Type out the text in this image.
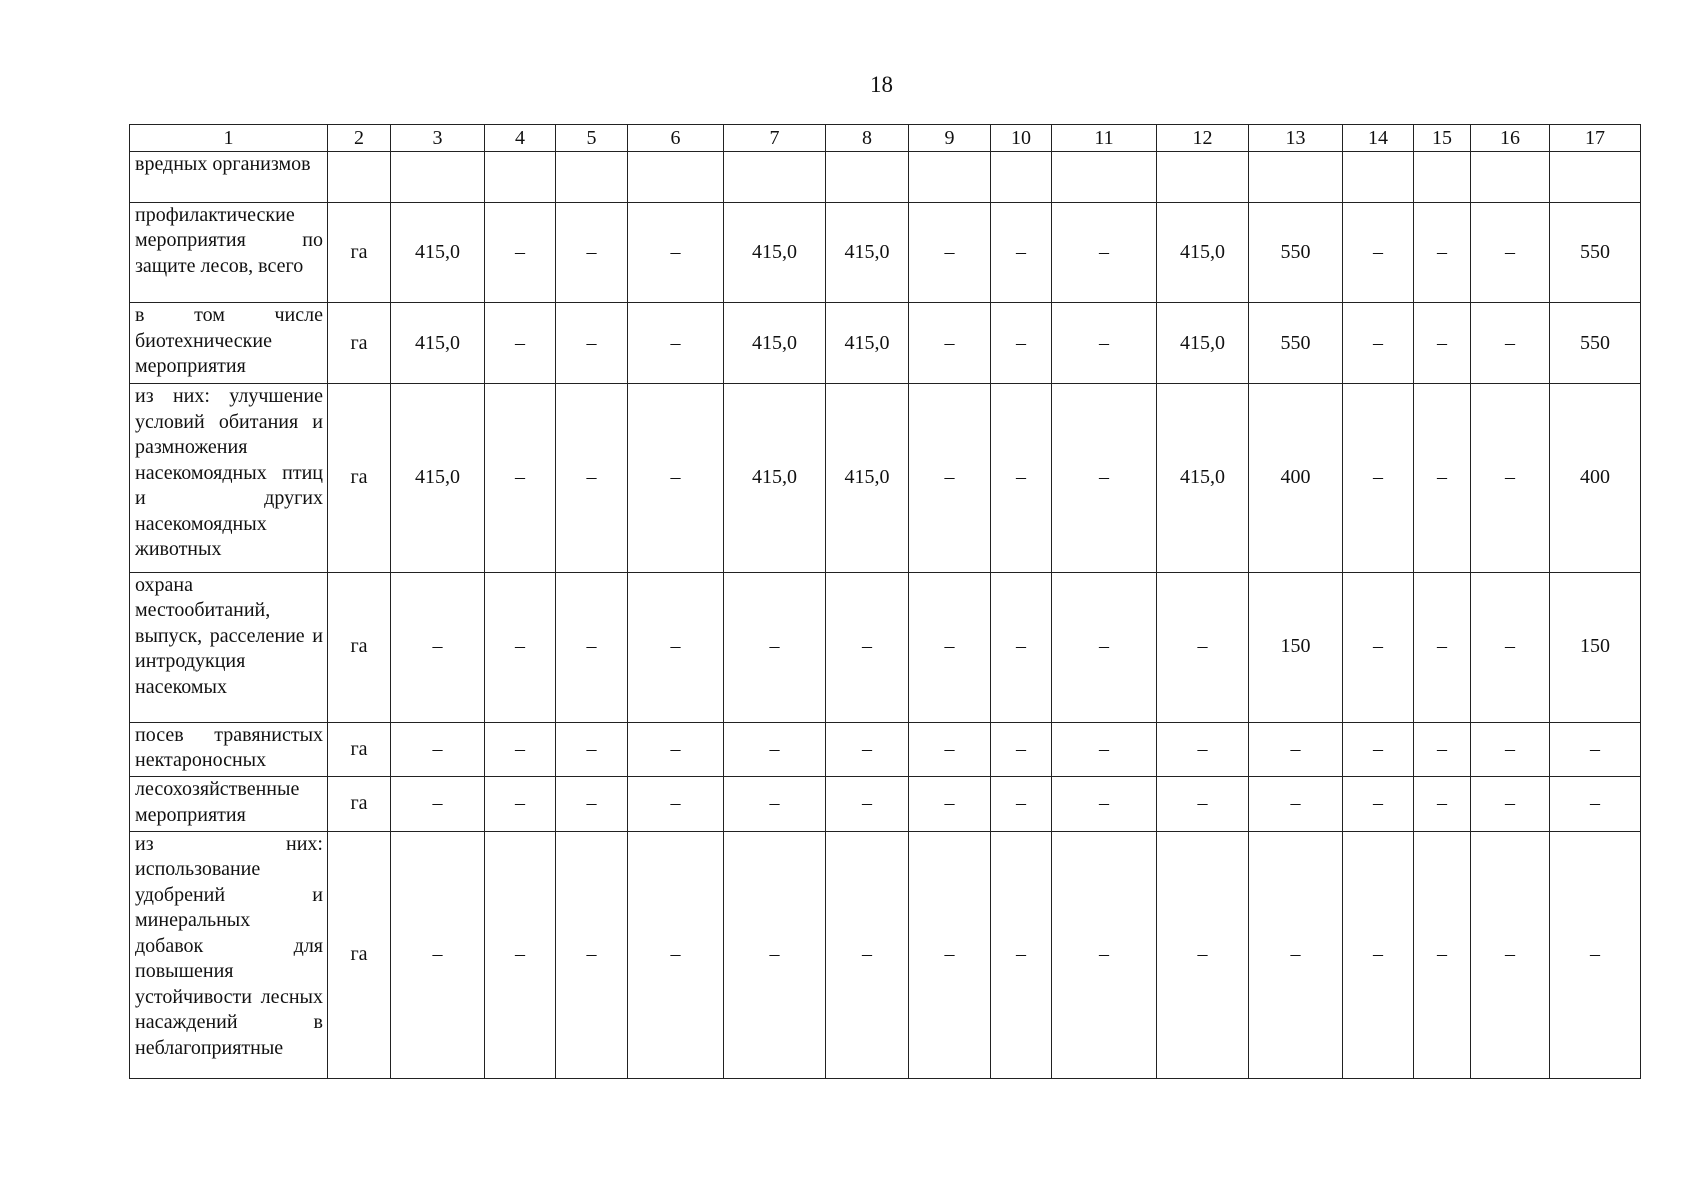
18
1	2	3	4	5	6	7	8	9	10	11	12	13	14	15	16	17
вредных организмов																
профилактические мероприятия по защите лесов, всего	га	415,0	–	–	–	415,0	415,0	–	–	–	415,0	550	–	–	–	550
в том числе биотехнические мероприятия	га	415,0	–	–	–	415,0	415,0	–	–	–	415,0	550	–	–	–	550
из них: улучшение условий обитания и размножения насекомоядных птиц и других насекомоядных животных	га	415,0	–	–	–	415,0	415,0	–	–	–	415,0	400	–	–	–	400
охрана местообитаний, выпуск, расселение и интродукция насекомых	га	–	–	–	–	–	–	–	–	–	–	150	–	–	–	150
посев травянистых нектароносных	га	–	–	–	–	–	–	–	–	–	–	–	–	–	–	–
лесохозяйственные мероприятия	га	–	–	–	–	–	–	–	–	–	–	–	–	–	–	–
из них: использование удобрений и минеральных добавок для повышения устойчивости лесных насаждений в неблагоприятные	га	–	–	–	–	–	–	–	–	–	–	–	–	–	–	–
